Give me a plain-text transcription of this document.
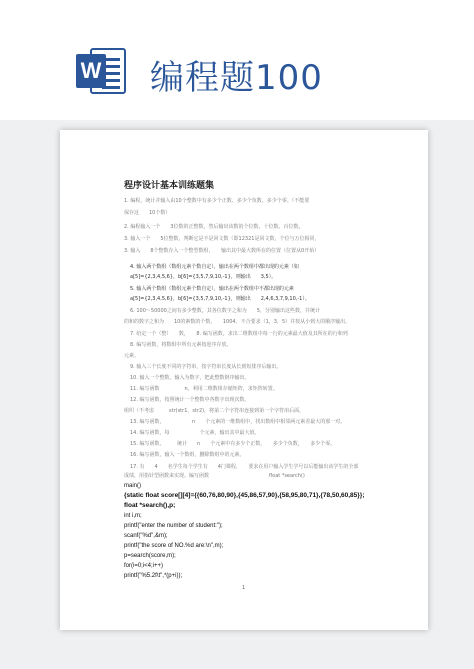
W 编程题100
程序设计基本训练题集
1. 编程，统计并输入由10个整数中有多少个正数、多少个负数、多少个零。（不能要
保存这　　10个数）
2. 编程输入一个　　3位数的正整数，然后输出该数的个位数、十位数、百位数。
3. 输入一个　　5位整数，判断它是不是回文数（即12321是回文数，个位与万位相同，
3. 输入　　8个整数存入一个整型数组，　　输出其中最大数所在的位置（位置从0开始）
　　4. 输入两个数组（数组元素个数自定），输出在两个数组中都出现的元素（如
　　a[5]={2,3,4,5,6}，b[6]={3,5,7,9,10,-1}，则输出　　3,5）。
　　5. 输入两个数组（数组元素个数自定），输出在两个数组中不都出现的元素
　　a[5]={2,3,4,5,6}，b[6]={3,5,7,9,10,-1}，则输出　　2,4,6,3,7,9,10,-1）。
　　6. 100～50000之间有多少整数，其各位数字之和为　　5，分别输出这些数，并统计
的和的数字之和为　　10的素数的个数，　　1004、不合要求（1，3，5）并按从小到大的顺序输出。
　　7. 给定一个（整）　　数，　　8. 编写函数，求出二维数组中每一行的元素最大值及其所在的行和列
　　8. 编写函数，将数组中所有元素按逆序存放。
元素。
　　9. 输入三个长度不同的字符串，按字符串长度从长到短排序后输出。
　　10. 输入一个整数，输入为数字，把此整数倒序输出。
　　11. 编写函数　　　　　n，利用二维数组存储矩阵，求矩阵转置。
　　12. 编写函数，按照统计一个整数中各数字出现次数。
组织（不考虑　　　str(str1，str2)，将第二个字符串连接到第一个字符串后面，
　　13. 编写函数，　　　　　　n　　个元素的一维数组中，找出数组中相邻两元素差最大的那一对。
　　14. 编写函数，每　　　　　　个元素，输出其中最大值。
　　15. 编写函数，　　　统计　　n　　个元素中有多少个正数，　　多少个负数，　　多少个零。
　　16. 编写函数，输入一个数组，删除数组中的元素。
　　17. 有　　4　　名学生每个学生有　　4门课程，　　要求在用户输入学生学号以后能输出该学生的全部
成绩，用指针型函数来实现。编写函数　　　　　　　　　　　　float *search()
main()
{static float score[][4]={{60,76,80,90},{45,86,57,90},{58,95,80,71},{78,50,60,85}};
float *search(),p;
int i,m;
printf("enter the number of student:");
scanf("%d",&m);
printf("the score of NO.%d are:\n",m);
p=search(score,m);
for(i=0;i<4;i++)
printf("%5.2f\t",*(p+i));
1
